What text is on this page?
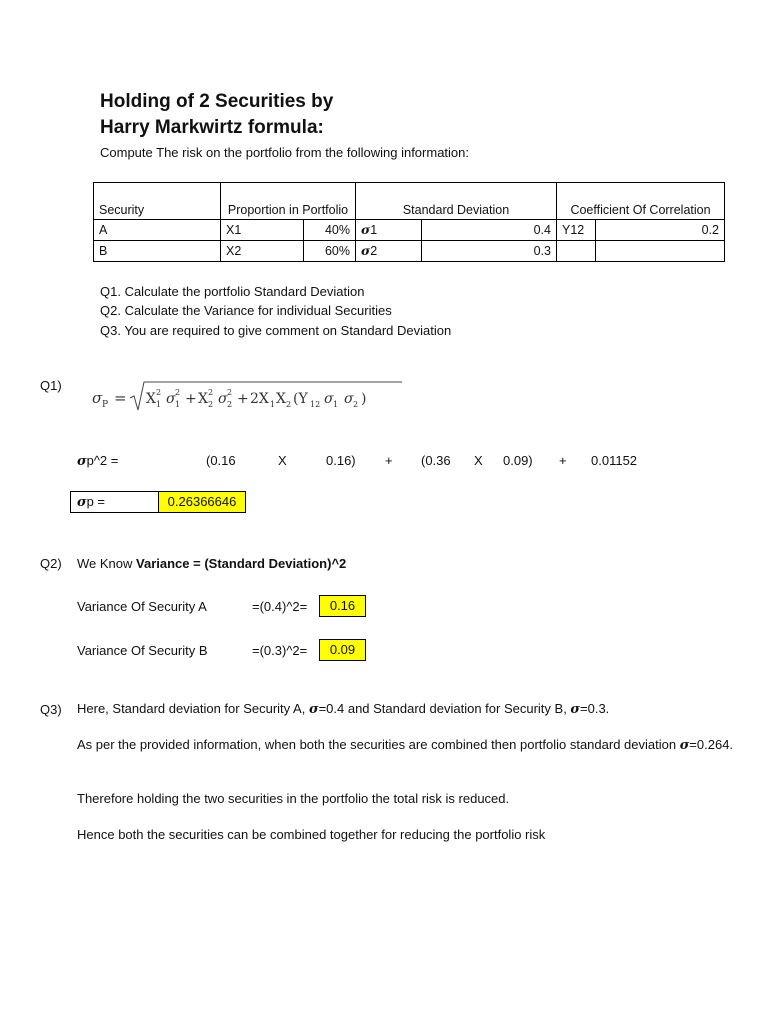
Holding of 2 Securities by
Harry Markwirtz formula:
Compute The risk on the portfolio from the following information:
Security	Proportion in Portfolio		Standard Deviation		Coefficient Of Correlation	
A	X1	40%	σ1	0.4	Y12	0.2
B	X2	60%	σ2	0.3		
Q1. Calculate the portfolio Standard Deviation
Q2. Calculate the Variance for individual Securities
Q3. You are required to give comment on Standard Deviation
Q1)
σ P = X 2
1 σ 2
1 + X 2
2 σ 2
2 + 2X 1 X 2 (Y 12 σ 1 σ 2 )
σp^2 =	(0.16	X	0.16) + (0.36 X 0.09) + 0.01152
σp =	0.26366646
Q2) We Know Variance = (Standard Deviation)^2
Variance Of Security A	=(0.4)^2=	0.16
Variance Of Security B	=(0.3)^2=	0.09
Q3) Here, Standard deviation for Security A, σ=0.4 and Standard deviation for Security B, σ=0.3.
As per the provided information, when both the securities are combined then portfolio standard deviation σ=0.264.
Therefore holding the two securities in the portfolio the total risk is reduced.
Hence both the securities can be combined together for reducing the portfolio risk
